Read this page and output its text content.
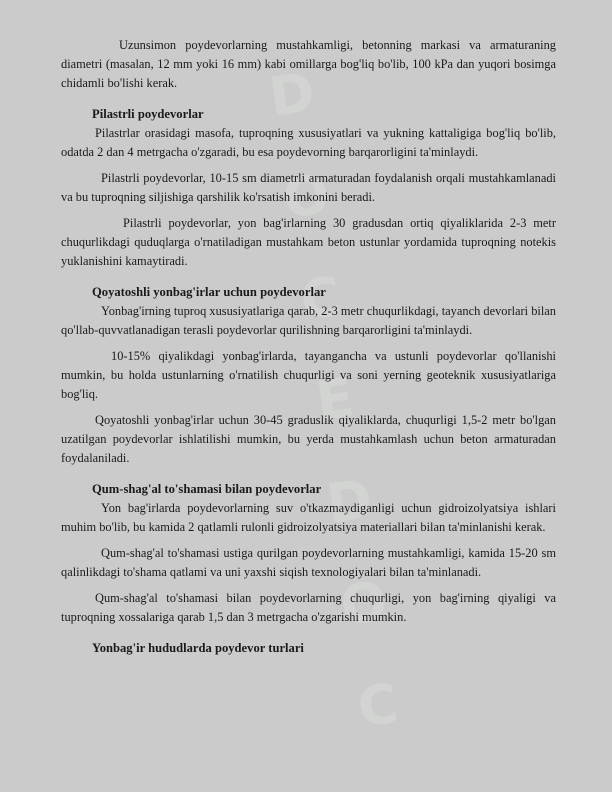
D
O
C
E
D
O
C

Uzunsimon poydevorlarning mustahkamligi, betonning markasi va armaturaning diametri (masalan, 12 mm yoki 16 mm) kabi omillarga bog'liq bo'lib, 100 kPa dan yuqori bosimga chidamli bo'lishi kerak.

Pilastrli poydevorlar

Pilastrlar orasidagi masofa, tuproqning xususiyatlari va yukning kattaligiga bog'liq bo'lib, odatda 2 dan 4 metrgacha o'zgaradi, bu esa poydevorning barqarorligini ta'minlaydi.

Pilastrli poydevorlar, 10-15 sm diametrli armaturadan foydalanish orqali mustahkamlanadi va bu tuproqning siljishiga qarshilik ko'rsatish imkonini beradi.

Pilastrli poydevorlar, yon bag'irlarning 30 gradusdan ortiq qiyaliklarida 2-3 metr chuqurlikdagi quduqlarga o'rnatiladigan mustahkam beton ustunlar yordamida tuproqning notekis yuklanishini kamaytiradi.

Qoyatoshli yonbag'irlar uchun poydevorlar

Yonbag'irning tuproq xususiyatlariga qarab, 2-3 metr chuqurlikdagi, tayanch devorlari bilan qo'llab-quvvatlanadigan terasli poydevorlar qurilishning barqarorligini ta'minlaydi.

10-15% qiyalikdagi yonbag'irlarda, tayangancha va ustunli poydevorlar qo'llanishi mumkin, bu holda ustunlarning o'rnatilish chuqurligi va soni yerning geoteknik xususiyatlariga bog'liq.

Qoyatoshli yonbag'irlar uchun 30-45 graduslik qiyaliklarda, chuqurligi 1,5-2 metr bo'lgan uzatilgan poydevorlar ishlatilishi mumkin, bu yerda mustahkamlash uchun beton armaturadan foydalaniladi.

Qum-shag'al to'shamasi bilan poydevorlar

Yon bag'irlarda poydevorlarning suv o'tkazmaydiganligi uchun gidroizolyatsiya ishlari muhim bo'lib, bu kamida 2 qatlamli rulonli gidroizolyatsiya materiallari bilan ta'minlanishi kerak.

Qum-shag'al to'shamasi ustiga qurilgan poydevorlarning mustahkamligi, kamida 15-20 sm qalinlikdagi to'shama qatlami va uni yaxshi siqish texnologiyalari bilan ta'minlanadi.

Qum-shag'al to'shamasi bilan poydevorlarning chuqurligi, yon bag'irning qiyaligi va tuproqning xossalariga qarab 1,5 dan 3 metrgacha o'zgarishi mumkin.

Yonbag'ir hududlarda poydevor turlari
